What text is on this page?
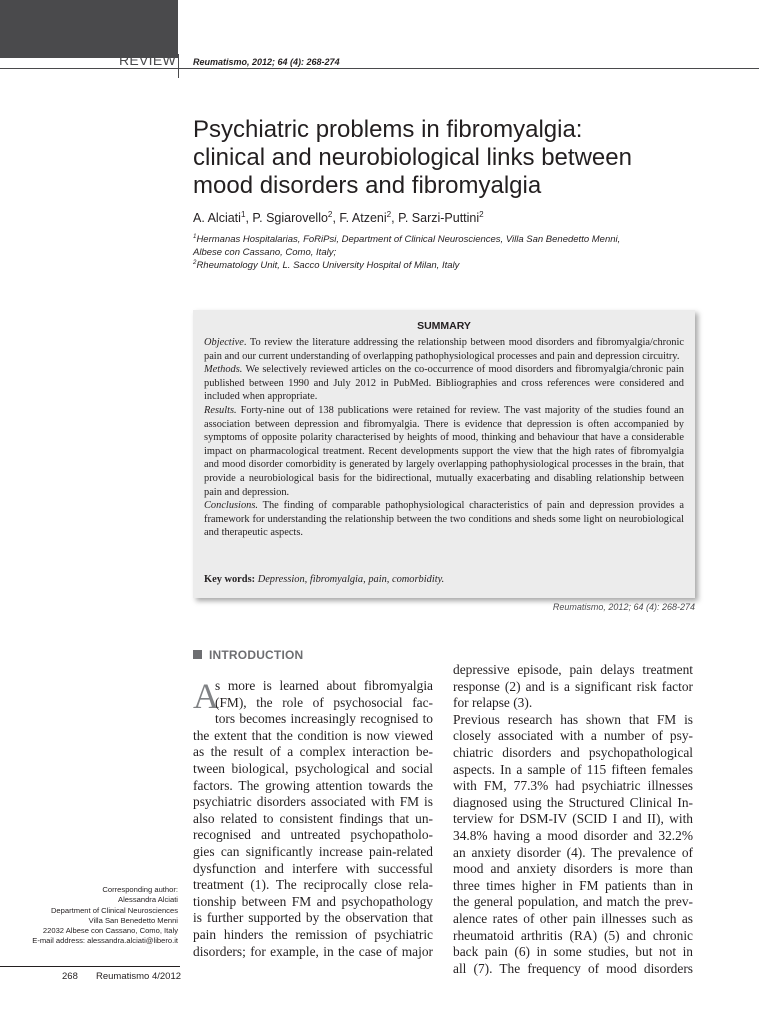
REVIEW Reumatismo, 2012; 64 (4): 268-274
Psychiatric problems in fibromyalgia:
clinical and neurobiological links between
mood disorders and fibromyalgia
A. Alciati$^1$, P. Sgiarovello$^2$, F. Atzeni$^2$, P. Sarzi-Puttini$^2$
$^1$Hermanas Hospitalarias, FoRiPsi, Department of Clinical Neurosciences, Villa San Benedetto Menni,
Albese con Cassano, Como, Italy;
$^2$Rheumatology Unit, L. Sacco University Hospital of Milan, Italy
SUMMARY

Objective. To review the literature addressing the relationship between mood disorders and fibromyalgia/chronic pain and our current understanding of overlapping pathophysiological processes and pain and depression circuitry.

Methods. We selectively reviewed articles on the co-occurrence of mood disorders and fibromyalgia/chronic pain published between 1990 and July 2012 in PubMed. Bibliographies and cross references were considered and included when appropriate.

Results. Forty-nine out of 138 publications were retained for review. The vast majority of the studies found an association between depression and fibromyalgia. There is evidence that depression is often accompanied by symptoms of opposite polarity characterised by heights of mood, thinking and behaviour that have a considerable impact on pharmacological treatment. Recent developments support the view that the high rates of fibromyalgia and mood disorder comorbidity is generated by largely overlapping pathophysiological processes in the brain, that provide a neurobiological basis for the bidirectional, mutually exacerbating and disabling relationship between pain and depression.

Conclusions. The finding of comparable pathophysiological characteristics of pain and depression provides a framework for understanding the relationship between the two conditions and sheds some light on neurobiological and therapeutic aspects.

Key words: Depression, fibromyalgia, pain, comorbidity.
Reumatismo, 2012; 64 (4): 268-274
INTRODUCTION
A
s more is learned about fibromyalgia
(FM), the role of psychosocial fac-
tors becomes increasingly recognised to
the extent that the condition is now viewed
as the result of a complex interaction be-
tween biological, psychological and social
factors. The growing attention towards the
psychiatric disorders associated with FM is
also related to consistent findings that un-
recognised and untreated psychopatholo-
gies can significantly increase pain-related
dysfunction and interfere with successful
treatment (1). The reciprocally close rela-
tionship between FM and psychopathology
is further supported by the observation that
pain hinders the remission of psychiatric
disorders; for example, in the case of major
depressive episode, pain delays treatment
response (2) and is a significant risk factor
for relapse (3).
Previous research has shown that FM is
closely associated with a number of psy-
chiatric disorders and psychopathological
aspects. In a sample of 115 fifteen females
with FM, 77.3% had psychiatric illnesses
diagnosed using the Structured Clinical In-
terview for DSM-IV (SCID I and II), with
34.8% having a mood disorder and 32.2%
an anxiety disorder (4). The prevalence of
mood and anxiety disorders is more than
three times higher in FM patients than in
the general population, and match the prev-
alence rates of other pain illnesses such as
rheumatoid arthritis (RA) (5) and chronic
back pain (6) in some studies, but not in
all (7). The frequency of mood disorders
Corresponding author:
Alessandra Alciati
Department of Clinical Neurosciences
Villa San Benedetto Menni
22032 Albese con Cassano, Como, Italy
E-mail address: alessandra.alciati@libero.it
268 Reumatismo 4/2012
